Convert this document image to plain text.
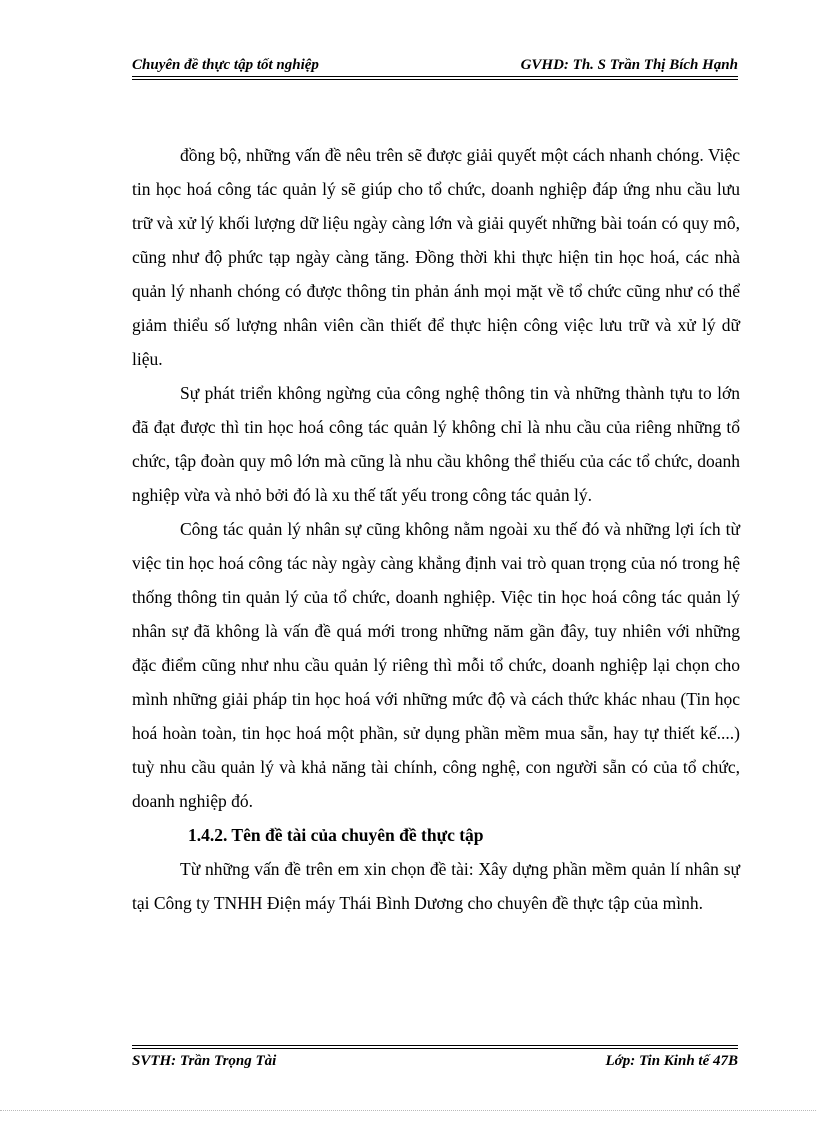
Chuyên đề thực tập tốt nghiệp	GVHD: Th. S Trần Thị Bích Hạnh

đồng bộ, những vấn đề nêu trên sẽ được giải quyết một cách nhanh chóng. Việc tin học hoá công tác quản lý sẽ giúp cho tổ chức, doanh nghiệp đáp ứng nhu cầu lưu trữ và xử lý khối lượng dữ liệu ngày càng lớn và giải quyết những bài toán có quy mô, cũng như độ phức tạp ngày càng tăng. Đồng thời khi thực hiện tin học hoá, các nhà quản lý nhanh chóng có được thông tin phản ánh mọi mặt về tổ chức cũng như có thể giảm thiểu số lượng nhân viên cần thiết để thực hiện công việc lưu trữ và xử lý dữ liệu.

Sự phát triển không ngừng của công nghệ thông tin và những thành tựu to lớn đã đạt được thì tin học hoá công tác quản lý không chỉ là nhu cầu của riêng những tổ chức, tập đoàn quy mô lớn mà cũng là nhu cầu không thể thiếu của các tổ chức, doanh nghiệp vừa và nhỏ bởi đó là xu thế tất yếu trong công tác quản lý.

Công tác quản lý nhân sự cũng không nằm ngoài xu thế đó và những lợi ích từ việc tin học hoá công tác này ngày càng khẳng định vai trò quan trọng của nó trong hệ thống thông tin quản lý của tổ chức, doanh nghiệp. Việc tin học hoá công tác quản lý nhân sự đã không là vấn đề quá mới trong những năm gần đây, tuy nhiên với những đặc điểm cũng như nhu cầu quản lý riêng thì mỗi tổ chức, doanh nghiệp lại chọn cho mình những giải pháp tin học hoá với những mức độ và cách thức khác nhau (Tin học hoá hoàn toàn, tin học hoá một phần, sử dụng phần mềm mua sẵn, hay tự thiết kế....) tuỳ nhu cầu quản lý và khả năng tài chính, công nghệ, con người sẵn có của tổ chức, doanh nghiệp đó.

1.4.2. Tên đề tài của chuyên đề thực tập

Từ những vấn đề trên em xin chọn đề tài: Xây dựng phần mềm quản lí nhân sự tại Công ty TNHH Điện máy Thái Bình Dương cho chuyên đề thực tập của mình.

SVTH: Trần Trọng Tài	Lớp: Tin Kinh tế 47B
